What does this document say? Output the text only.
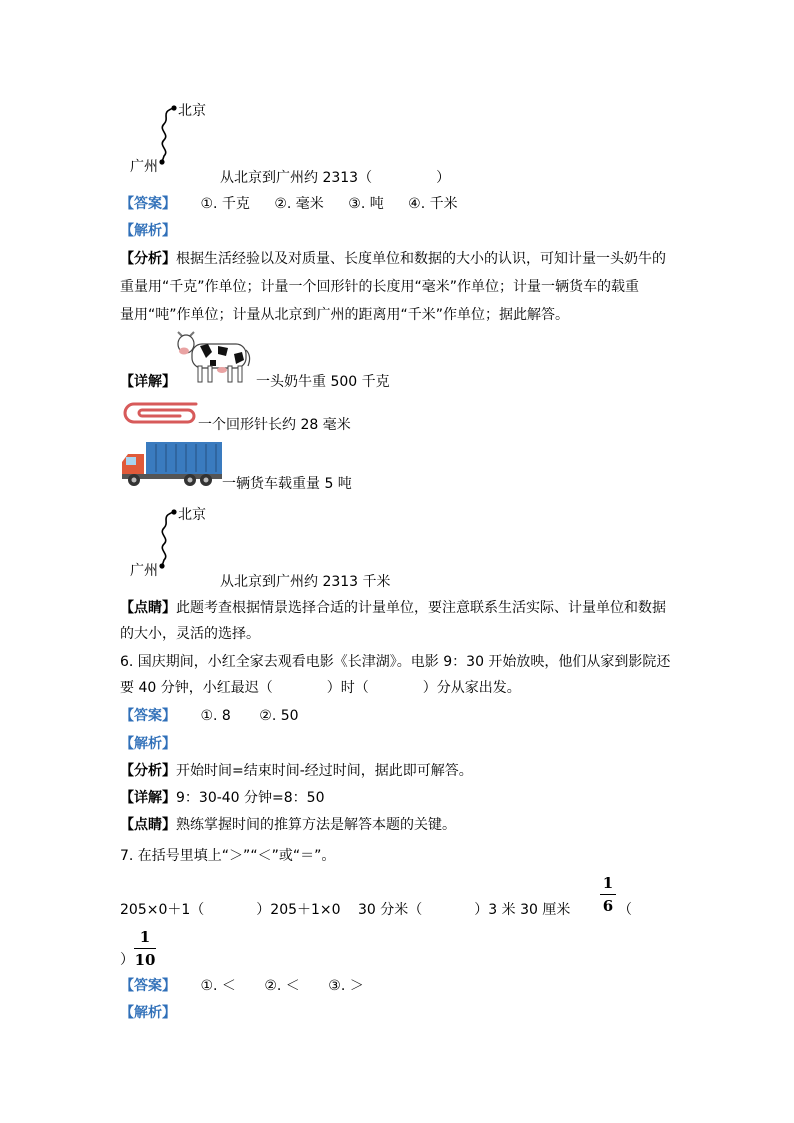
北京
广州
从北京到广州约 2313（	）
【答案】 ①. 千克 ②. 毫米 ③. 吨 ④. 千米
【解析】
【分析】根据生活经验以及对质量、长度单位和数据的大小的认识，可知计量一头奶牛的
重量用“千克”作单位；计量一个回形针的长度用“毫米”作单位；计量一辆货车的载重
量用“吨”作单位；计量从北京到广州的距离用“千米”作单位；据此解答。
【详解】	一头奶牛重 500 千克
一个回形针长约 28 毫米
一辆货车载重量 5 吨
北京
广州
从北京到广州约 2313 千米
【点睛】此题考查根据情景选择合适的计量单位，要注意联系生活实际、计量单位和数据
的大小，灵活的选择。
6. 国庆期间，小红全家去观看电影《长津湖》。电影 9：30 开始放映，他们从家到影院还
要 40 分钟，小红最迟（	）时（	）分从家出发。
【答案】 ①. 8 ②. 50
【解析】
【分析】开始时间=结束时间-经过时间，据此即可解答。
【详解】9：30-40 分钟=8：50
【点睛】熟练掌握时间的推算方法是解答本题的关键。
7. 在括号里填上“＞”“＜”或“＝”。
205×0＋1（	）205＋1×0 30 分米（	）3 米 30 厘米
1
6 （
）
1
10
【答案】 ①. ＜ ②. ＜ ③. ＞
【解析】
